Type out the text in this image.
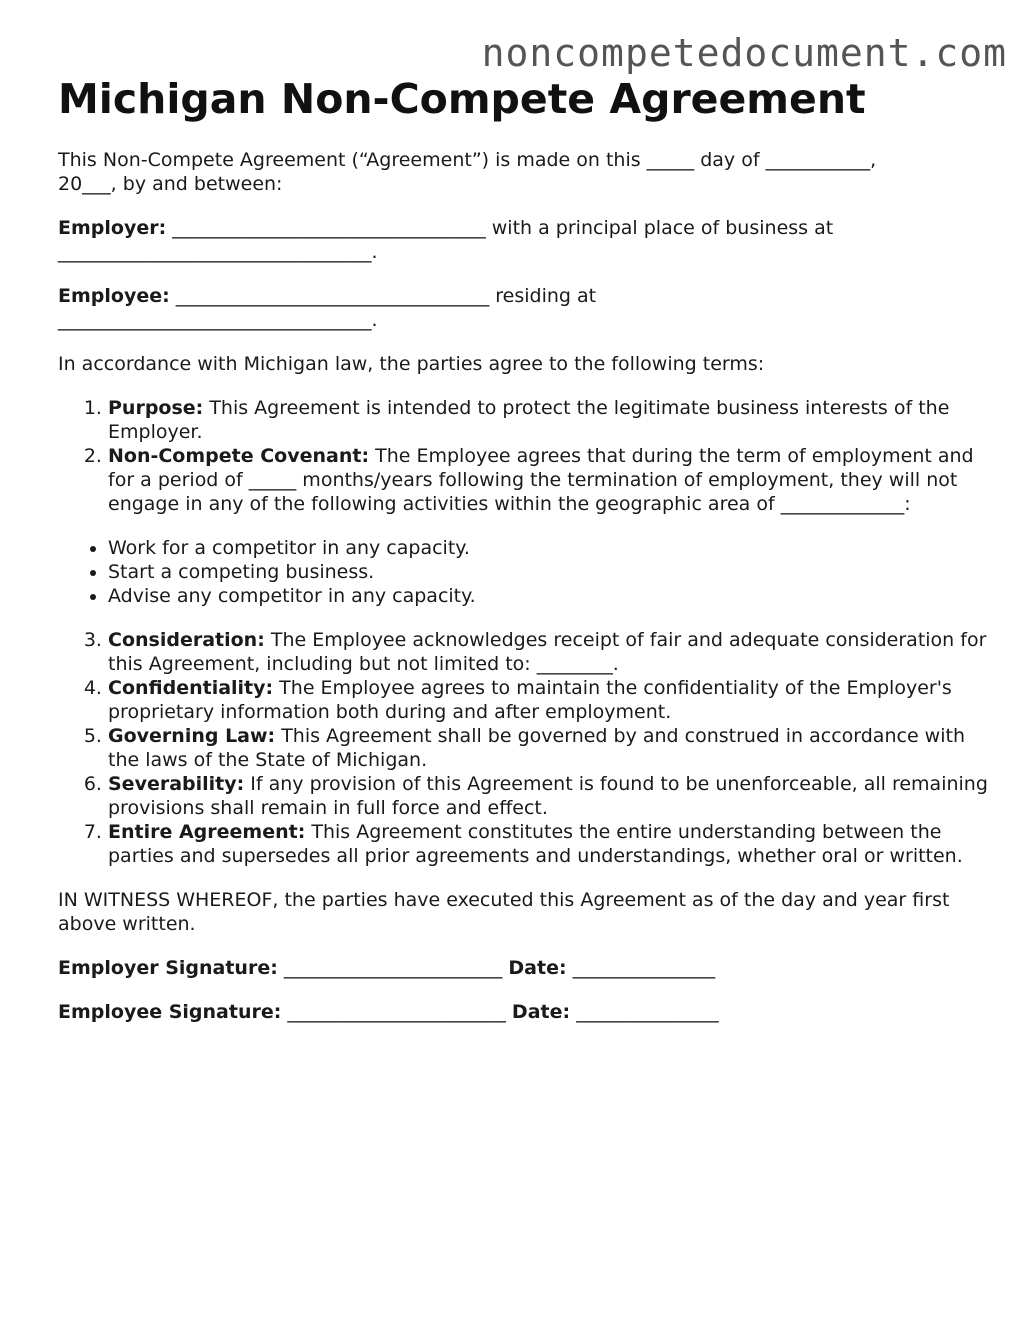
noncompetedocument.com
Michigan Non-Compete Agreement

This Non-Compete Agreement (“Agreement”) is made on this _____ day of ___________,
20___, by and between:

Employer: _________________________________ with a principal place of business at
_________________________________.

Employee: _________________________________ residing at
_________________________________.

In accordance with Michigan law, the parties agree to the following terms:

1. Purpose: This Agreement is intended to protect the legitimate business interests of the Employer.
2. Non-Compete Covenant: The Employee agrees that during the term of employment and for a period of _____ months/years following the termination of employment, they will not engage in any of the following activities within the geographic area of _____________:
• Work for a competitor in any capacity.
• Start a competing business.
• Advise any competitor in any capacity.
3. Consideration: The Employee acknowledges receipt of fair and adequate consideration for this Agreement, including but not limited to: ________.
4. Confidentiality: The Employee agrees to maintain the confidentiality of the Employer's proprietary information both during and after employment.
5. Governing Law: This Agreement shall be governed by and construed in accordance with the laws of the State of Michigan.
6. Severability: If any provision of this Agreement is found to be unenforceable, all remaining provisions shall remain in full force and effect.
7. Entire Agreement: This Agreement constitutes the entire understanding between the parties and supersedes all prior agreements and understandings, whether oral or written.

IN WITNESS WHEREOF, the parties have executed this Agreement as of the day and year first above written.

Employer Signature: _______________________ Date: _______________

Employee Signature: _______________________ Date: _______________
